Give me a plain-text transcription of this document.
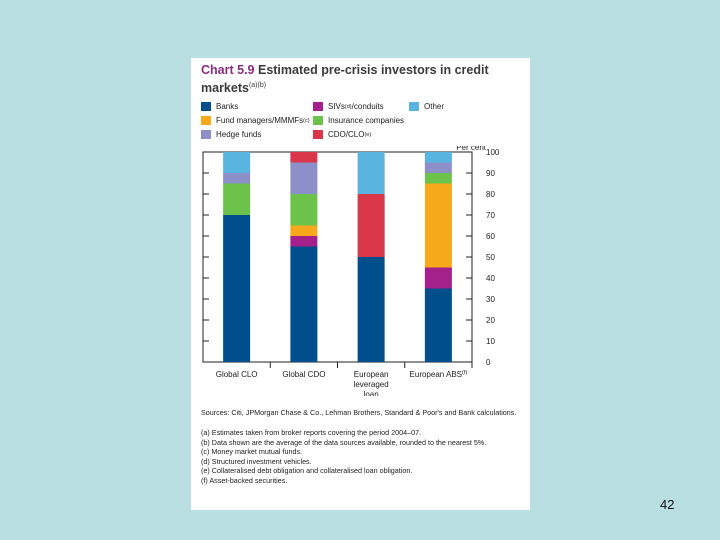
Chart 5.9 Estimated pre-crisis investors in credit markets$^{(a)(b)}$
Banks	SIVs (d) /conduits	Other
Fund managers/MMMFs (c) Insurance companies
Hedge funds	CDO/CLO (e)
0
10
20
30
40
50
60
70
80
90
100
Per cent
Global CLO	Global CDO	European
leveraged
loan
European ABS$^{(f)}$
Sources: Citi, JPMorgan Chase & Co., Lehman Brothers, Standard & Poor's and Bank calculations.
(a) Estimates taken from broker reports covering the period 2004–07.
(b) Data shown are the average of the data sources available, rounded to the nearest 5%.
(c) Money market mutual funds.
(d) Structured investment vehicles.
(e) Collateralised debt obligation and collateralised loan obligation.
(f) Asset-backed securities.
42
